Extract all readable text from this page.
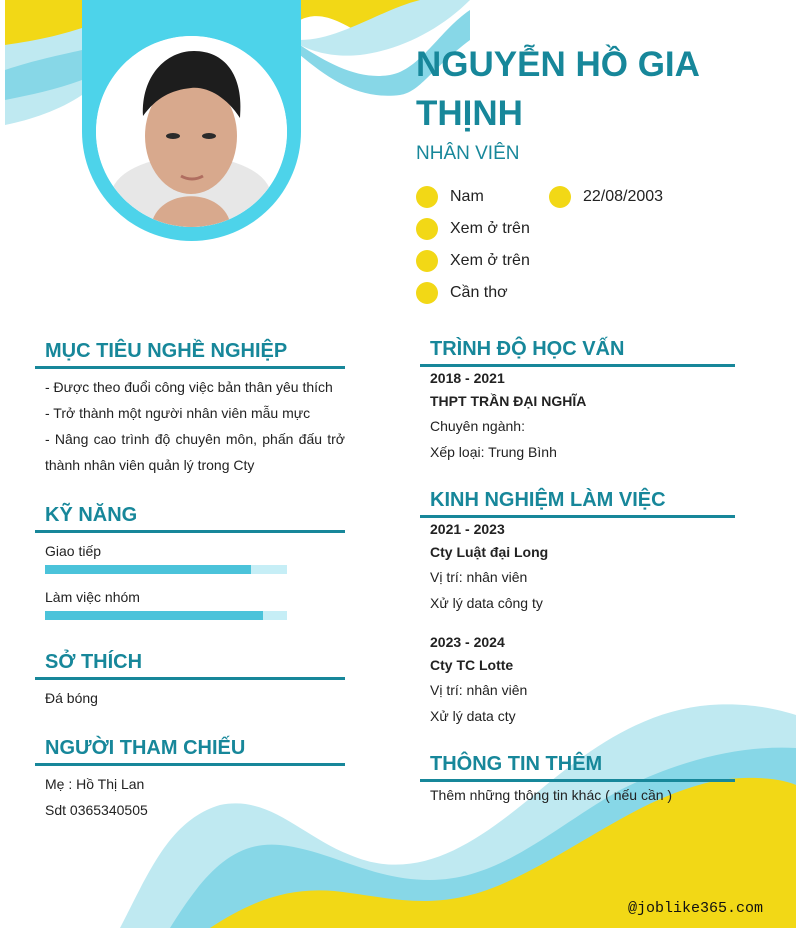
NGUYỄN HỒ GIA THỊNH
NHÂN VIÊN
Nam	22/08/2003
Xem ở trên
Xem ở trên
Cần thơ
MỤC TIÊU NGHỀ NGHIỆP
- Được theo đuổi công việc bản thân yêu thích
- Trở thành một người nhân viên mẫu mực
- Nâng cao trình độ chuyên môn, phấn đấu trở thành nhân viên quản lý trong Cty
KỸ NĂNG
Giao tiếp
Làm việc nhóm
SỞ THÍCH
Đá bóng
NGƯỜI THAM CHIẾU
Mẹ : Hồ Thị Lan
Sdt 0365340505
TRÌNH ĐỘ HỌC VẤN
2018 - 2021
THPT TRẦN ĐẠI NGHĨA
Chuyên ngành:
Xếp loại: Trung Bình
KINH NGHIỆM LÀM VIỆC
2021 - 2023
Cty Luật đại Long
Vị trí: nhân viên
Xử lý data công ty
2023 - 2024
Cty TC Lotte
Vị trí: nhân viên
Xử lý data cty
THÔNG TIN THÊM
Thêm những thông tin khác ( nếu cần )
@joblike365.com
